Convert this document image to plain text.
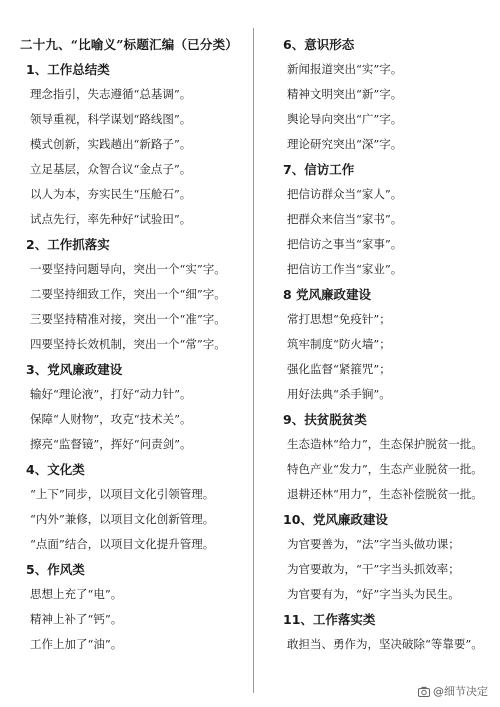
二十九、“比喻义”标题汇编（已分类）
1、工作总结类
理念指引，失志遵循“总基调”。
领导重视，科学谋划“路线图”。
模式创新，实践趟出“新路子”。
立足基层，众智合议“金点子”。
以人为本，夯实民生“压舱石”。
试点先行，率先种好“试验田”。
2、工作抓落实
一要坚持问题导向，突出一个“实”字。
二要坚持细致工作，突出一个“细”字。
三要坚持精准对接，突出一个“准”字。
四要坚持长效机制，突出一个“常”字。
3、党风廉政建设
输好“理论液”，打好“动力针”。
保障“人财物”，攻克“技术关”。
擦亮“监督镜”，挥好“问责剑”。
4、文化类
“上下”同步，以项目文化引领管理。
“内外”兼修，以项目文化创新管理。
“点面”结合，以项目文化提升管理。
5、作风类
思想上充了“电”。
精神上补了“钙”。
工作上加了“油”。
6、意识形态
新闻报道突出“实”字。
精神文明突出“新”字。
舆论导向突出“广”字。
理论研究突出“深”字。
7、信访工作
把信访群众当“家人”。
把群众来信当“家书”。
把信访之事当“家事”。
把信访工作当“家业”。
8 党风廉政建设
常打思想“免疫针”；
筑牢制度“防火墙”；
强化监督“紧箍咒”；
用好法典“杀手锏”。
9、扶贫脱贫类
生态造林“给力”，生态保护脱贫一批。
特色产业“发力”，生态产业脱贫一批。
退耕还林“用力”，生态补偿脱贫一批。
10、党风廉政建设
为官要善为，“法”字当头做功课；
为官要敢为，“干”字当头抓效率；
为官要有为，“好”字当头为民生。
11、工作落实类
敢担当、勇作为，坚决破除“等靠要”。
@细节决定
